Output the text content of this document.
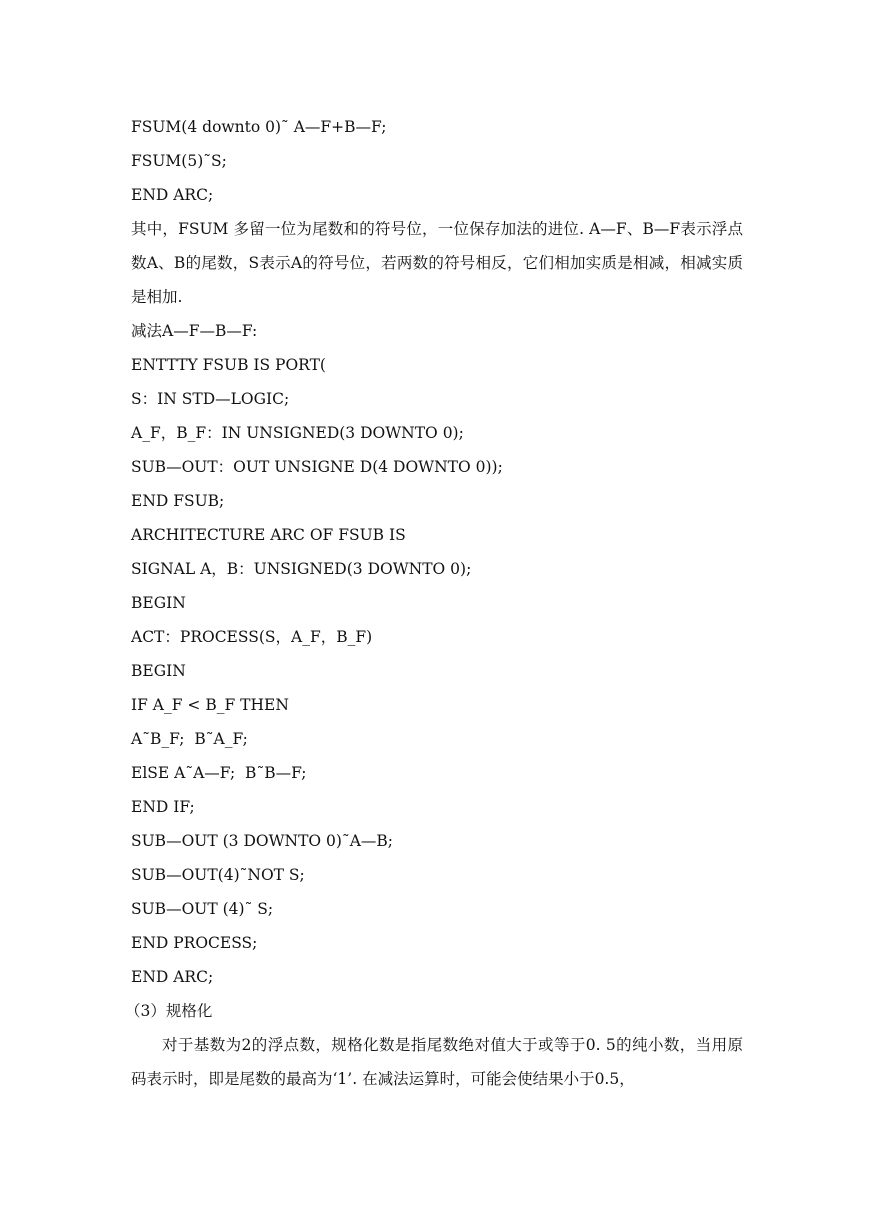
FSUM(4 downto 0)˜ A—F+B—F;
FSUM(5)˜S;
END ARC;

其中，FSUM 多留一位为尾数和的符号位，一位保存加法的进位. A—F、B—F表示浮点数A、B的尾数，S表示A的符号位，若两数的符号相反，它们相加实质是相减，相减实质是相加.

减法A—F—B—F:
ENTTTY FSUB IS PORT(
S：IN STD—LOGIC;
A_F，B_F：IN UNSIGNED(3 DOWNTO 0);
SUB—OUT：OUT UNSIGNE D(4 DOWNTO 0));
END FSUB;
ARCHITECTURE ARC OF FSUB IS
SIGNAL A，B：UNSIGNED(3 DOWNTO 0);
BEGIN
ACT：PROCESS(S，A_F，B_F)
BEGIN
IF A_F < B_F THEN
A˜B_F;  B˜A_F;
ElSE A˜A—F;  B˜B—F;
END IF;
SUB—OUT (3 DOWNTO 0)˜A—B;
SUB—OUT(4)˜NOT S;
SUB—OUT (4)˜ S;
END PROCESS;
END ARC;
（3）规格化

对于基数为2的浮点数，规格化数是指尾数绝对值大于或等于0. 5的纯小数，当用原码表示时，即是尾数的最高为‘1’. 在减法运算时，可能会使结果小于0.5，
